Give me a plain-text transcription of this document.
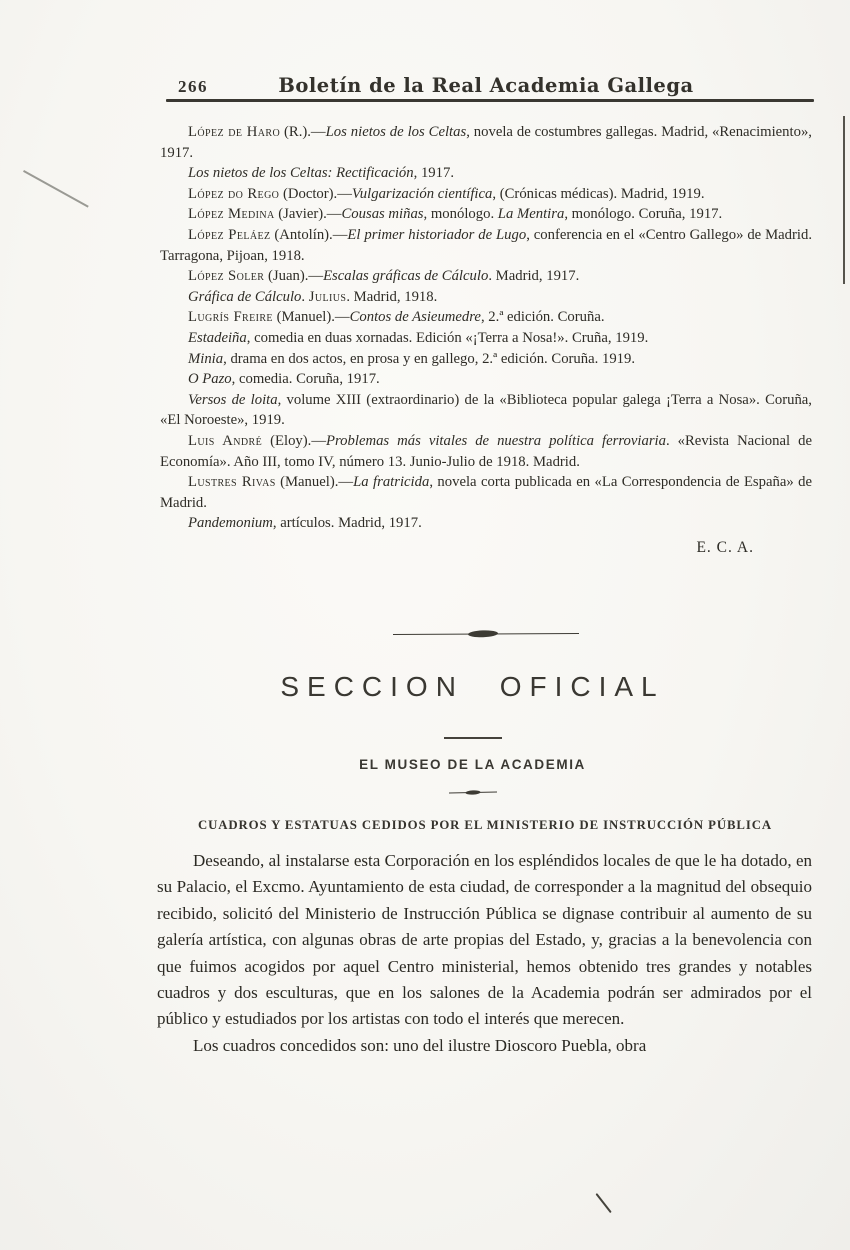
266	Boletín de la Real Academia Gallega

López de Haro (R.).—Los nietos de los Celtas, novela de costumbres gallegas. Madrid, «Renacimiento», 1917.

Los nietos de los Celtas: Rectificación, 1917.

López do Rego (Doctor).—Vulgarización científica, (Crónicas médicas). Madrid, 1919.

López Medina (Javier).—Cousas miñas, monólogo. La Mentira, monólogo. Coruña, 1917.

López Peláez (Antolín).—El primer historiador de Lugo, conferencia en el «Centro Gallego» de Madrid. Tarragona, Pijoan, 1918.

López Soler (Juan).—Escalas gráficas de Cálculo. Madrid, 1917.

Gráfica de Cálculo. Julius. Madrid, 1918.

Lugrís Freire (Manuel).—Contos de Asieumedre, 2.ª edición. Coruña.

Estadeiña, comedia en duas xornadas. Edición «¡Terra a Nosa!». Cruña, 1919.

Minia, drama en dos actos, en prosa y en gallego, 2.ª edición. Coruña. 1919.

O Pazo, comedia. Coruña, 1917.

Versos de loita, volume XIII (extraordinario) de la «Biblioteca popular galega ¡Terra a Nosa». Coruña, «El Noroeste», 1919.

Luis André (Eloy).—Problemas más vitales de nuestra política ferroviaria. «Revista Nacional de Economía». Año III, tomo IV, número 13. Junio-Julio de 1918. Madrid.

Lustres Rivas (Manuel).—La fratricida, novela corta publicada en «La Correspondencia de España» de Madrid.

Pandemonium, artículos. Madrid, 1917.

E. C. A.

SECCION OFICIAL
EL MUSEO DE LA ACADEMIA
CUADROS Y ESTATUAS CEDIDOS POR EL MINISTERIO DE INSTRUCCIÓN PÚBLICA

Deseando, al instalarse esta Corporación en los espléndidos locales de que le ha dotado, en su Palacio, el Excmo. Ayuntamiento de esta ciudad, de corresponder a la magnitud del obsequio recibido, solicitó del Ministerio de Instrucción Pública se dignase contribuir al aumento de su galería artística, con algunas obras de arte propias del Estado, y, gracias a la benevolencia con que fuimos acogidos por aquel Centro ministerial, hemos obtenido tres grandes y notables cuadros y dos esculturas, que en los salones de la Academia podrán ser admirados por el público y estudiados por los artistas con todo el interés que merecen.

Los cuadros concedidos son: uno del ilustre Dioscoro Puebla, obra
